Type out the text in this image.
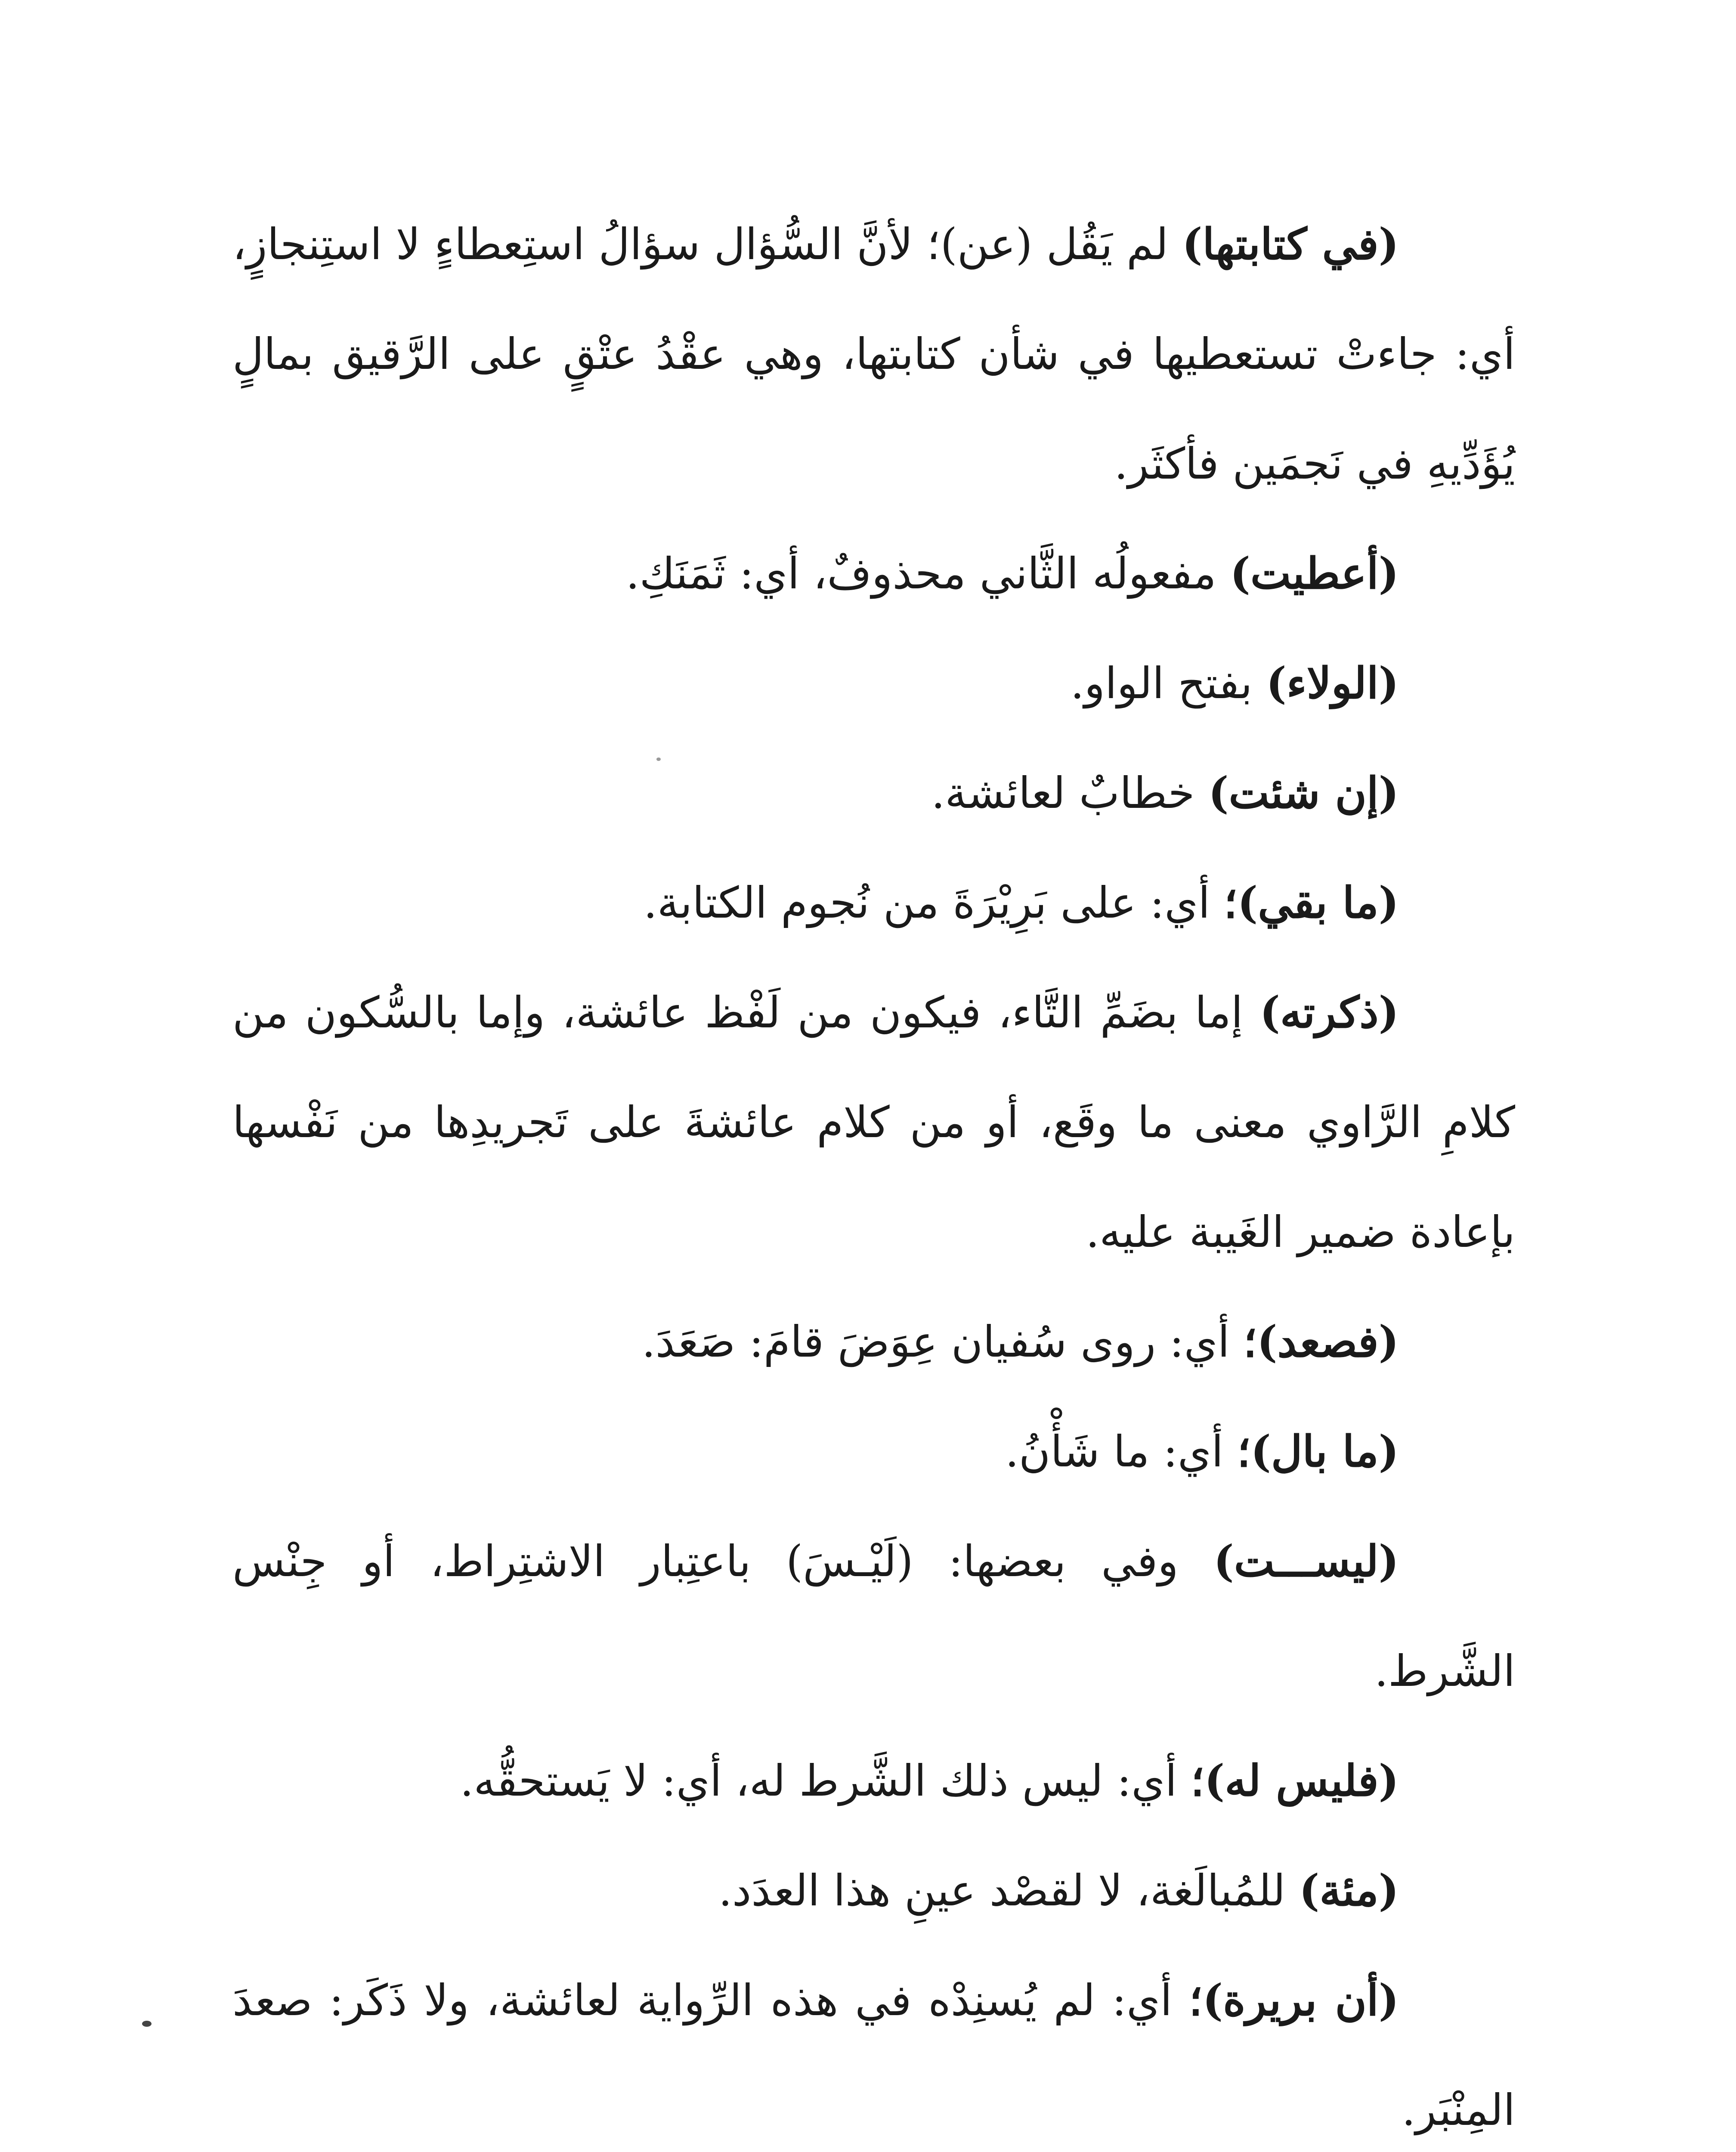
(في كتابتها) لم يَقُل (عن)؛ لأنَّ السُّؤال سؤالُ استِعطاءٍ لا استِنجازٍ، أي: جاءتْ تستعطيها في شأن كتابتها، وهي عقْدُ عتْقٍ على الرَّقيق بمالٍ يُؤَدِّيهِ في نَجمَين فأكثَر.

(أعطيت) مفعولُه الثَّاني محذوفٌ، أي: ثَمَنَكِ.

(الولاء) بفتح الواو.

(إن شئت) خطابٌ لعائشة.

(ما بقي)؛ أي: على بَرِيْرَةَ من نُجوم الكتابة.

(ذكرته) إما بضَمِّ التَّاء، فيكون من لَفْظ عائشة، وإما بالسُّكون من كلامِ الرَّاوي معنى ما وقَع، أو من كلام عائشةَ على تَجريدِها من نَفْسها بإعادة ضمير الغَيبة عليه.

(فصعد)؛ أي: روى سُفيان عِوَضَ قامَ: صَعَدَ.

(ما بال)؛ أي: ما شَأْنُ.

(ليســـت) وفي بعضها: (لَيْـسَ) باعتِبار الاشتِراط، أو جِنْس الشَّرط.

(فليس له)؛ أي: ليس ذلك الشَّرط له، أي: لا يَستحقُّه.

(مئة) للمُبالَغة، لا لقصْد عينِ هذا العدَد.

(أن بريرة)؛ أي: لم يُسنِدْه في هذه الرِّواية لعائشة، ولا ذَكَر: صعدَ المِنْبَر.
